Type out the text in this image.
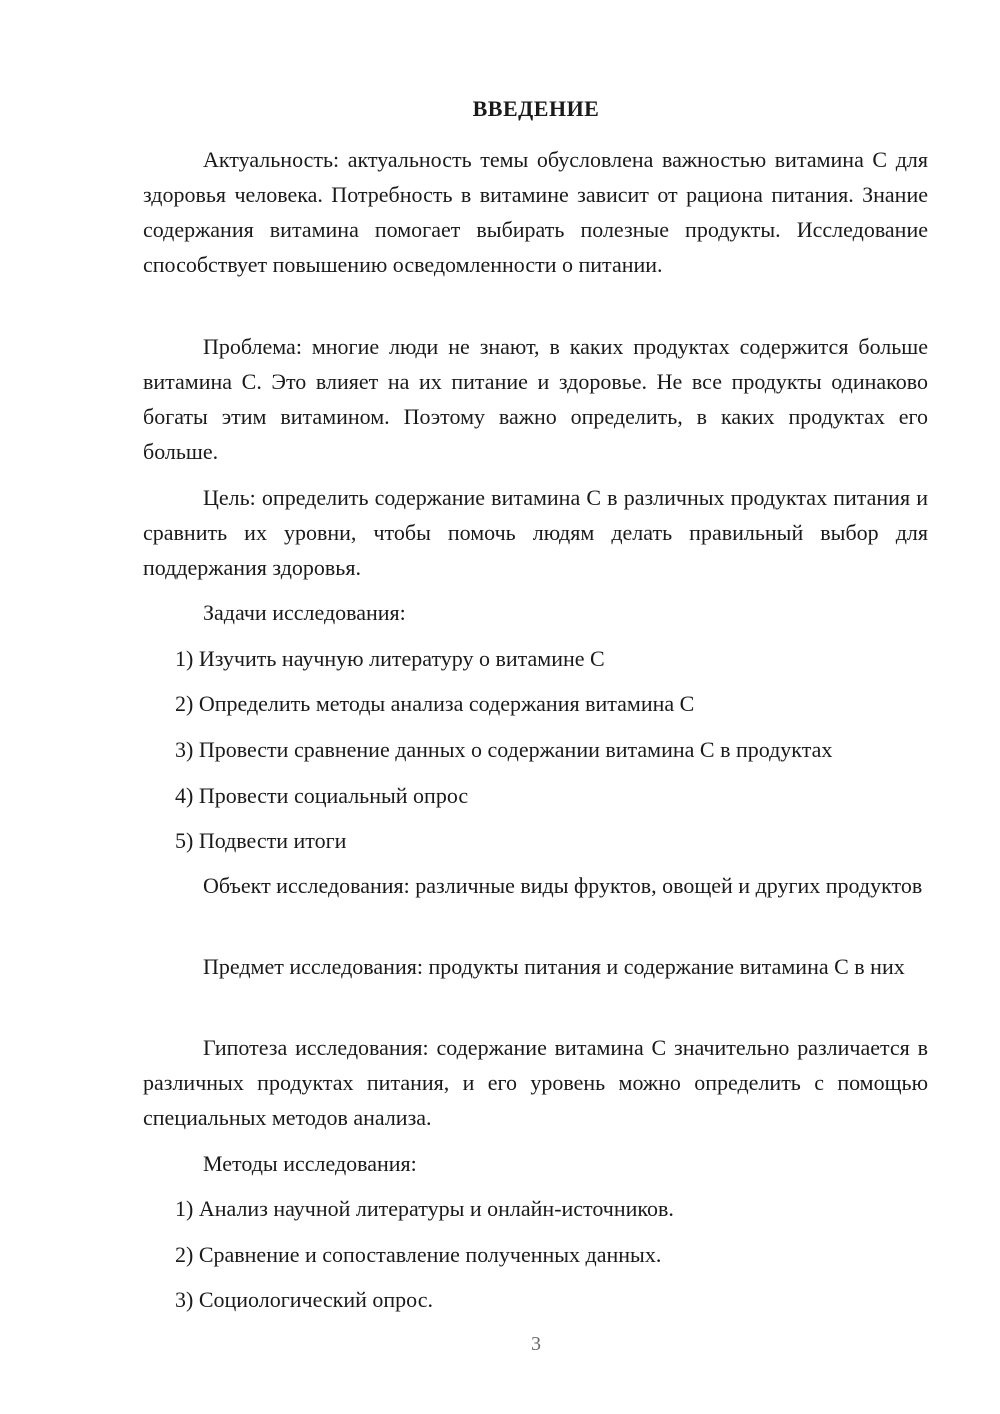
ВВЕДЕНИЕ

Актуальность: актуальность темы обусловлена важностью витамина С для здоровья человека. Потребность в витамине зависит от рациона питания. Знание содержания витамина помогает выбирать полезные продукты. Исследование способствует повышению осведомленности о питании.

Проблема: многие люди не знают, в каких продуктах содержится больше витамина С. Это влияет на их питание и здоровье. Не все продукты одинаково богаты этим витамином. Поэтому важно определить, в каких продуктах его больше.

Цель: определить содержание витамина С в различных продуктах питания и сравнить их уровни, чтобы помочь людям делать правильный выбор для поддержания здоровья.

Задачи исследования:

1) Изучить научную литературу о витамине С

2) Определить методы анализа содержания витамина С

3) Провести сравнение данных о содержании витамина С в продуктах

4) Провести социальный опрос

5) Подвести итоги

Объект исследования: различные виды фруктов, овощей и других продуктов

Предмет исследования: продукты питания и содержание витамина С в них

Гипотеза исследования: содержание витамина С значительно различается в различных продуктах питания, и его уровень можно определить с помощью специальных методов анализа.

Методы исследования:

1) Анализ научной литературы и онлайн-источников.

2) Сравнение и сопоставление полученных данных.

3) Социологический опрос.

3
